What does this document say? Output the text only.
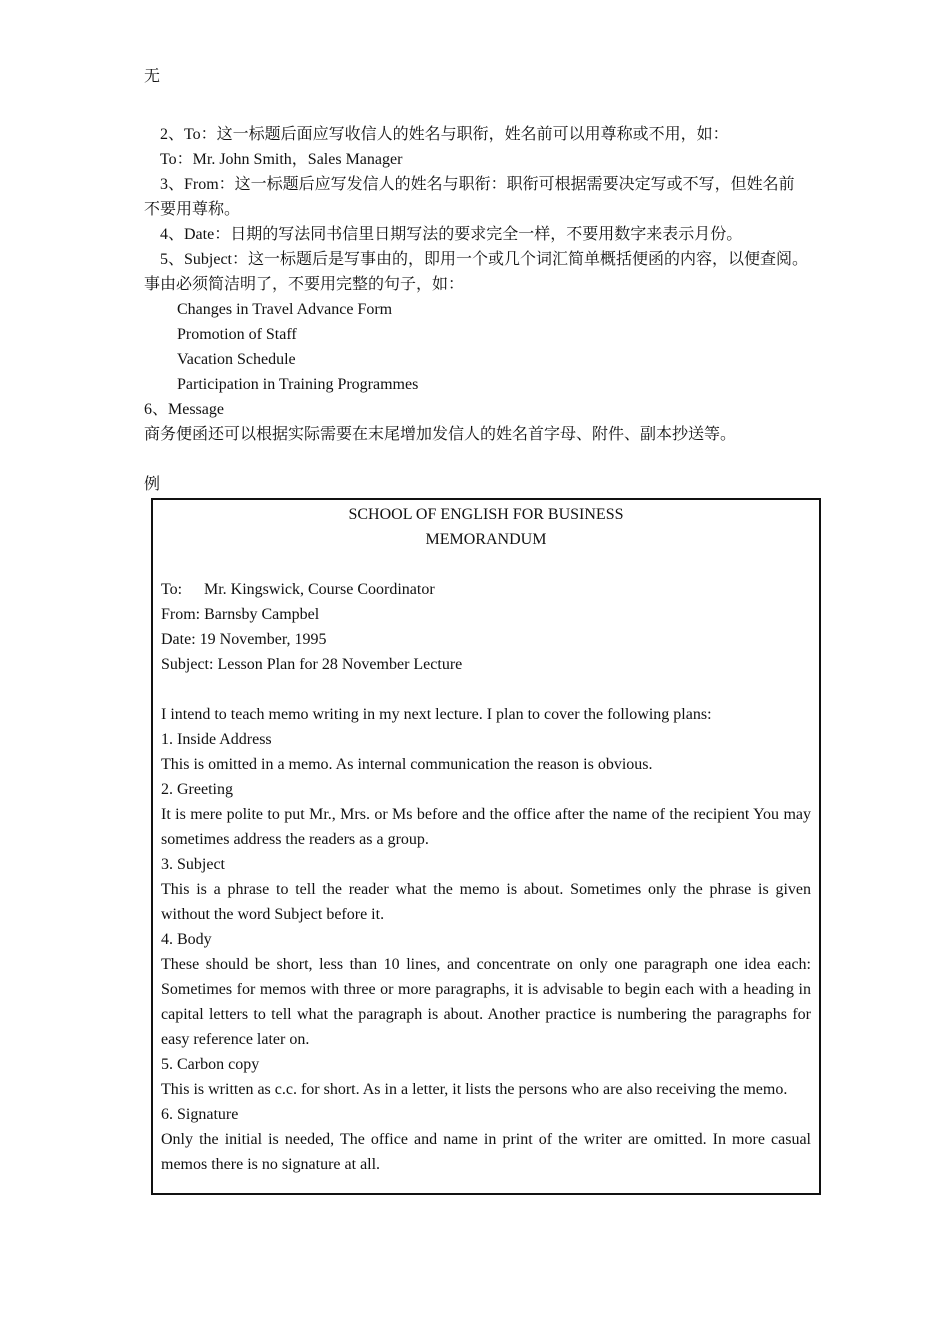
无
2、To：这一标题后面应写收信人的姓名与职衔，姓名前可以用尊称或不用，如：
To：Mr. John Smith，Sales Manager
3、From：这一标题后应写发信人的姓名与职衔：职衔可根据需要决定写或不写，但姓名前
不要用尊称。
4、Date：日期的写法同书信里日期写法的要求完全一样，不要用数字来表示月份。
5、Subject：这一标题后是写事由的，即用一个或几个词汇简单概括便函的内容，以便查阅。
事由必须简洁明了，不要用完整的句子，如：
Changes in Travel Advance Form
Promotion of Staff
Vacation Schedule
Participation in Training Programmes
6、Message
商务便函还可以根据实际需要在末尾增加发信人的姓名首字母、附件、副本抄送等。
例
SCHOOL OF ENGLISH FOR BUSINESS
MEMORANDUM
To: Mr. Kingswick, Course Coordinator
From: Barnsby Campbel
Date: 19 November, 1995
Subject: Lesson Plan for 28 November Lecture
I intend to teach memo writing in my next lecture. I plan to cover the following plans:
1. Inside Address
This is omitted in a memo. As internal communication the reason is obvious.
2. Greeting
It is mere polite to put Mr., Mrs. or Ms before and the office after the name of the recipient You may sometimes address the readers as a group.
3. Subject
This is a phrase to tell the reader what the memo is about. Sometimes only the phrase is given without the word Subject before it.
4. Body
These should be short, less than 10 lines, and concentrate on only one paragraph one idea each: Sometimes for memos with three or more paragraphs, it is advisable to begin each with a heading in capital letters to tell what the paragraph is about. Another practice is numbering the paragraphs for easy reference later on.
5. Carbon copy
This is written as c.c. for short. As in a letter, it lists the persons who are also receiving the memo.
6. Signature
Only the initial is needed, The office and name in print of the writer are omitted. In more casual memos there is no signature at all.
